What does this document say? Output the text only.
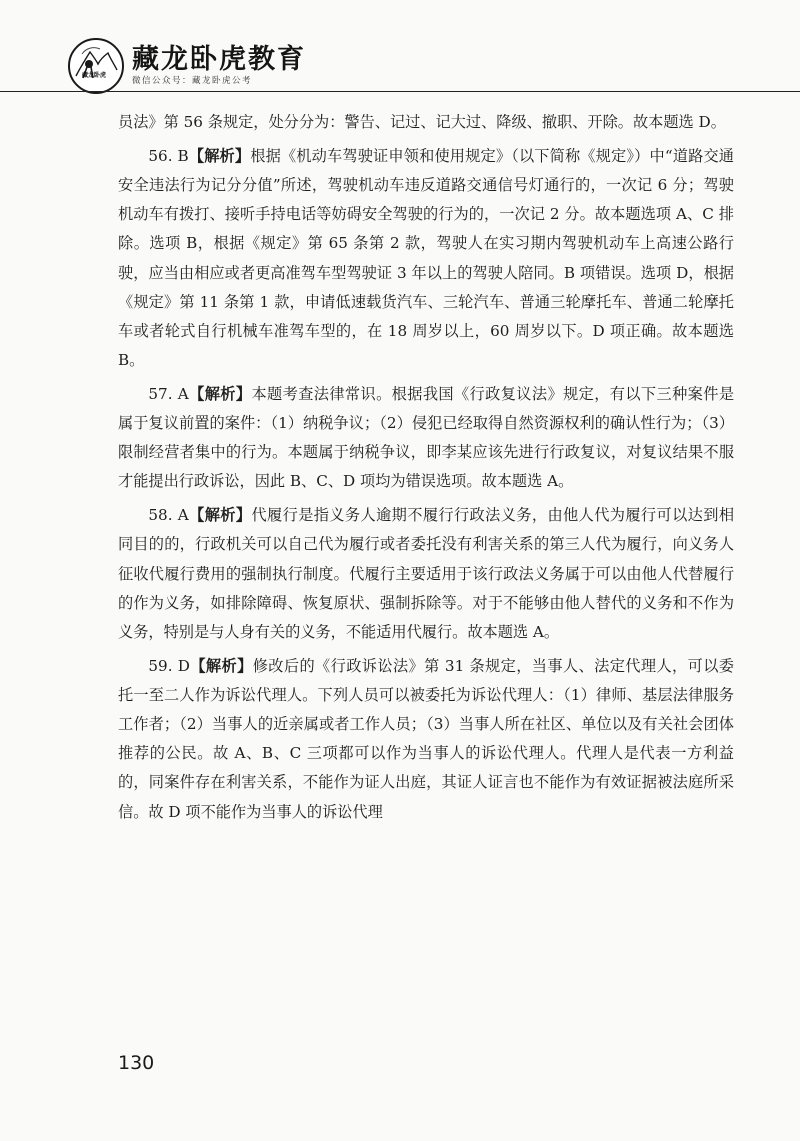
藏龙卧虎
藏龙卧虎教育
微信公众号：藏龙卧虎公考

员法》第 56 条规定，处分分为：警告、记过、记大过、降级、撤职、开除。故本题选 D。

56. B【解析】根据《机动车驾驶证申领和使用规定》（以下简称《规定》）中“道路交通安全违法行为记分分值”所述，驾驶机动车违反道路交通信号灯通行的，一次记 6 分；驾驶机动车有拨打、接听手持电话等妨碍安全驾驶的行为的，一次记 2 分。故本题选项 A、C 排除。选项 B，根据《规定》第 65 条第 2 款，驾驶人在实习期内驾驶机动车上高速公路行驶，应当由相应或者更高准驾车型驾驶证 3 年以上的驾驶人陪同。B 项错误。选项 D，根据《规定》第 11 条第 1 款，申请低速载货汽车、三轮汽车、普通三轮摩托车、普通二轮摩托车或者轮式自行机械车准驾车型的，在 18 周岁以上，60 周岁以下。D 项正确。故本题选 B。

57. A【解析】本题考查法律常识。根据我国《行政复议法》规定，有以下三种案件是属于复议前置的案件：（1）纳税争议；（2）侵犯已经取得自然资源权利的确认性行为；（3）限制经营者集中的行为。本题属于纳税争议，即李某应该先进行行政复议，对复议结果不服才能提出行政诉讼，因此 B、C、D 项均为错误选项。故本题选 A。

58. A【解析】代履行是指义务人逾期不履行行政法义务，由他人代为履行可以达到相同目的的，行政机关可以自己代为履行或者委托没有利害关系的第三人代为履行，向义务人征收代履行费用的强制执行制度。代履行主要适用于该行政法义务属于可以由他人代替履行的作为义务，如排除障碍、恢复原状、强制拆除等。对于不能够由他人替代的义务和不作为义务，特别是与人身有关的义务，不能适用代履行。故本题选 A。

59. D【解析】修改后的《行政诉讼法》第 31 条规定，当事人、法定代理人，可以委托一至二人作为诉讼代理人。下列人员可以被委托为诉讼代理人：（1）律师、基层法律服务工作者；（2）当事人的近亲属或者工作人员；（3）当事人所在社区、单位以及有关社会团体推荐的公民。故 A、B、C 三项都可以作为当事人的诉讼代理人。代理人是代表一方利益的，同案件存在利害关系，不能作为证人出庭，其证人证言也不能作为有效证据被法庭所采信。故 D 项不能作为当事人的诉讼代理

130
